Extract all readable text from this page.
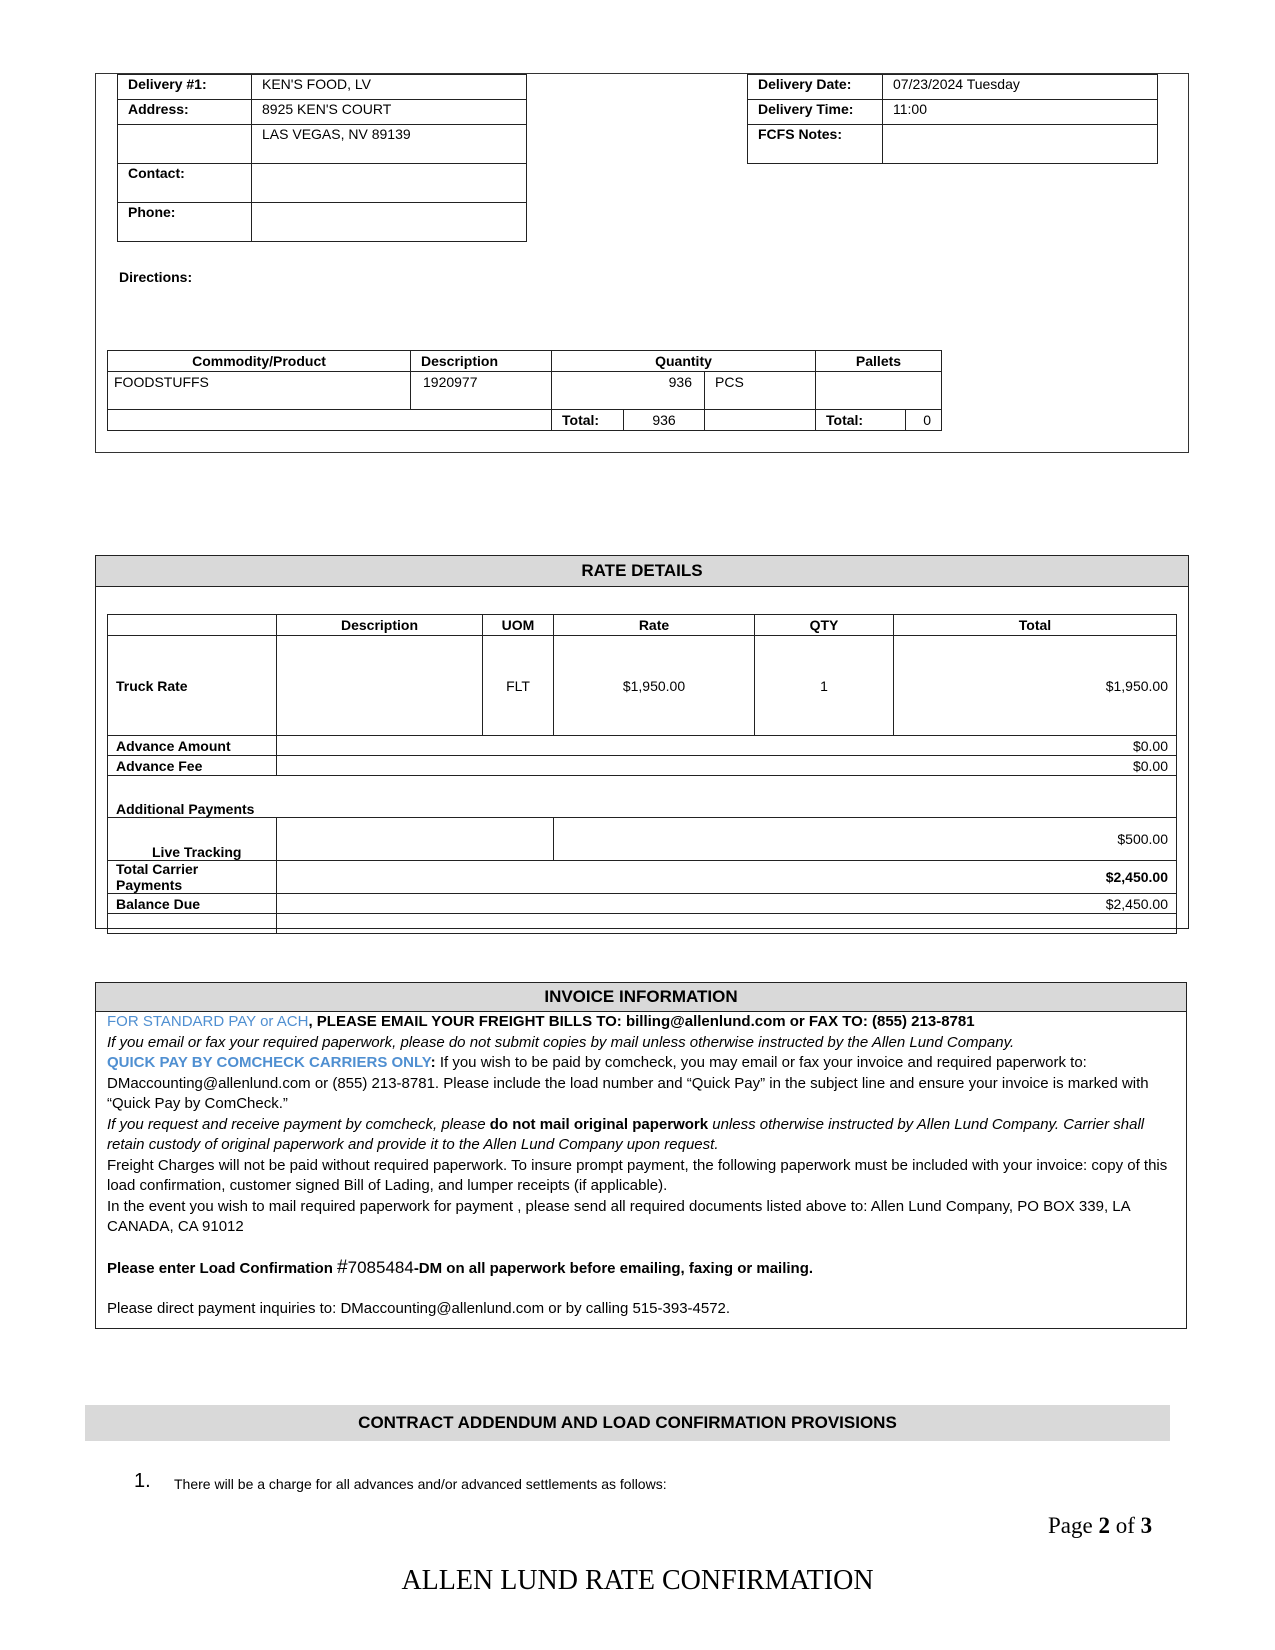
Delivery #1:	KEN'S FOOD, LV
Address:	8925 KEN'S COURT
	LAS VEGAS, NV 89139
Contact:	
Phone:	
Delivery Date:	07/23/2024 Tuesday
Delivery Time:	11:00
FCFS Notes:	
Directions:
Commodity/Product	Description	Quantity			Pallets	
FOODSTUFFS	1920977	936		PCS		
		Total:	936		Total:	0
RATE DETAILS
	Description	UOM	Rate	QTY	Total
Truck Rate		FLT	$1,950.00	1	$1,950.00
Advance Amount	$0.00				
Advance Fee	$0.00				
Additional Payments					
Live Tracking			$500.00		
Total Carrier Payments	$2,450.00				
Balance Due	$2,450.00				

INVOICE INFORMATION

FOR STANDARD PAY or ACH, PLEASE EMAIL YOUR FREIGHT BILLS TO: billing@allenlund.com or FAX TO: (855) 213-8781

If you email or fax your required paperwork, please do not submit copies by mail unless otherwise instructed by the Allen Lund Company.

QUICK PAY BY COMCHECK CARRIERS ONLY: If you wish to be paid by comcheck, you may email or fax your invoice and required paperwork to: DMaccounting@allenlund.com or (855) 213-8781. Please include the load number and “Quick Pay” in the subject line and ensure your invoice is marked with “Quick Pay by ComCheck.”

If you request and receive payment by comcheck, please do not mail original paperwork unless otherwise instructed by Allen Lund Company. Carrier shall retain custody of original paperwork and provide it to the Allen Lund Company upon request.

Freight Charges will not be paid without required paperwork. To insure prompt payment, the following paperwork must be included with your invoice: copy of this load confirmation, customer signed Bill of Lading, and lumper receipts (if applicable).

In the event you wish to mail required paperwork for payment , please send all required documents listed above to: Allen Lund Company, PO BOX 339, LA CANADA, CA 91012

Please enter Load Confirmation #7085484-DM on all paperwork before emailing, faxing or mailing.

Please direct payment inquiries to: DMaccounting@allenlund.com or by calling 515-393-4572.

CONTRACT ADDENDUM AND LOAD CONFIRMATION PROVISIONS
1. There will be a charge for all advances and/or advanced settlements as follows:
Page 2 of 3
ALLEN LUND RATE CONFIRMATION
